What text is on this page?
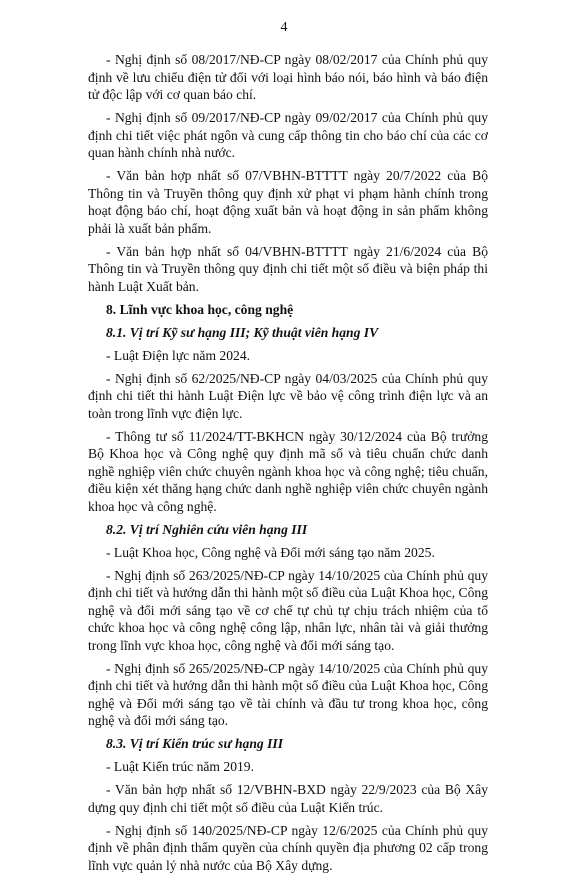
4

- Nghị định số 08/2017/NĐ-CP ngày 08/02/2017 của Chính phủ quy định về lưu chiểu điện tử đối với loại hình báo nói, báo hình và báo điện tử độc lập với cơ quan báo chí.

- Nghị định số 09/2017/NĐ-CP ngày 09/02/2017 của Chính phủ quy định chi tiết việc phát ngôn và cung cấp thông tin cho báo chí của các cơ quan hành chính nhà nước.

- Văn bản hợp nhất số 07/VBHN-BTTTT ngày 20/7/2022 của Bộ Thông tin và Truyền thông quy định xử phạt vi phạm hành chính trong hoạt động báo chí, hoạt động xuất bản và hoạt động in sản phẩm không phải là xuất bản phẩm.

- Văn bản hợp nhất số 04/VBHN-BTTTT ngày 21/6/2024 của Bộ Thông tin và Truyền thông quy định chi tiết một số điều và biện pháp thi hành Luật Xuất bản.

8. Lĩnh vực khoa học, công nghệ

8.1. Vị trí Kỹ sư hạng III; Kỹ thuật viên hạng IV

- Luật Điện lực năm 2024.

- Nghị định số 62/2025/NĐ-CP ngày 04/03/2025 của Chính phủ quy định chi tiết thi hành Luật Điện lực về bảo vệ công trình điện lực và an toàn trong lĩnh vực điện lực.

- Thông tư số 11/2024/TT-BKHCN ngày 30/12/2024 của Bộ trưởng Bộ Khoa học và Công nghệ quy định mã số và tiêu chuẩn chức danh nghề nghiệp viên chức chuyên ngành khoa học và công nghệ; tiêu chuẩn, điều kiện xét thăng hạng chức danh nghề nghiệp viên chức chuyên ngành khoa học và công nghệ.

8.2. Vị trí Nghiên cứu viên hạng III

- Luật Khoa học, Công nghệ và Đổi mới sáng tạo năm 2025.

- Nghị định số 263/2025/NĐ-CP ngày 14/10/2025 của Chính phủ quy định chi tiết và hướng dẫn thi hành một số điều của Luật Khoa học, Công nghệ và đổi mới sáng tạo về cơ chế tự chủ tự chịu trách nhiệm của tổ chức khoa học và công nghệ công lập, nhân lực, nhân tài và giải thưởng trong lĩnh vực khoa học, công nghệ và đổi mới sáng tạo.

- Nghị định số 265/2025/NĐ-CP ngày 14/10/2025 của Chính phủ quy định chi tiết và hướng dẫn thi hành một số điều của Luật Khoa học, Công nghệ và Đổi mới sáng tạo về tài chính và đầu tư trong khoa học, công nghệ và đổi mới sáng tạo.

8.3. Vị trí Kiến trúc sư hạng III

- Luật Kiến trúc năm 2019.

- Văn bản hợp nhất số 12/VBHN-BXD ngày 22/9/2023 của Bộ Xây dựng quy định chi tiết một số điều của Luật Kiến trúc.

- Nghị định số 140/2025/NĐ-CP ngày 12/6/2025 của Chính phủ quy định về phân định thẩm quyền của chính quyền địa phương 02 cấp trong lĩnh vực quản lý nhà nước của Bộ Xây dựng.
